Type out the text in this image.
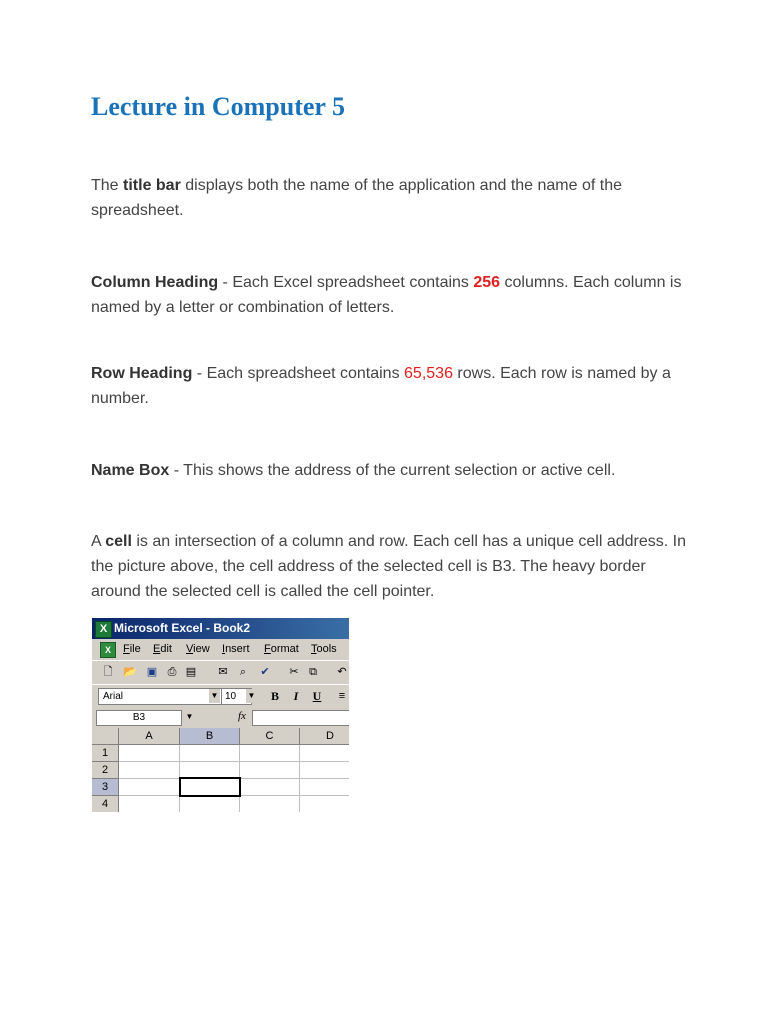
Lecture in Computer 5

The title bar displays both the name of the application and the name of the spreadsheet.

Column Heading - Each Excel spreadsheet contains 256 columns. Each column is named by a letter or combination of letters.

Row Heading - Each spreadsheet contains 65,536 rows. Each row is named by a number.

Name Box - This shows the address of the current selection or active cell.

A cell is an intersection of a column and row. Each cell has a unique cell address. In the picture above, the cell address of the selected cell is B3. The heavy border around the selected cell is called the cell pointer.

X Microsoft Excel - Book2
X	File Edit View Insert Format Tools
🗋 📂 ▣ ⎙ ▤ ✉	⌕	✔ ✂ ⧉ ↶
Arial	▼ 10	▼	B	I	U	≡
B3	▼	fx
A	B	C	D
1
2
3
4
